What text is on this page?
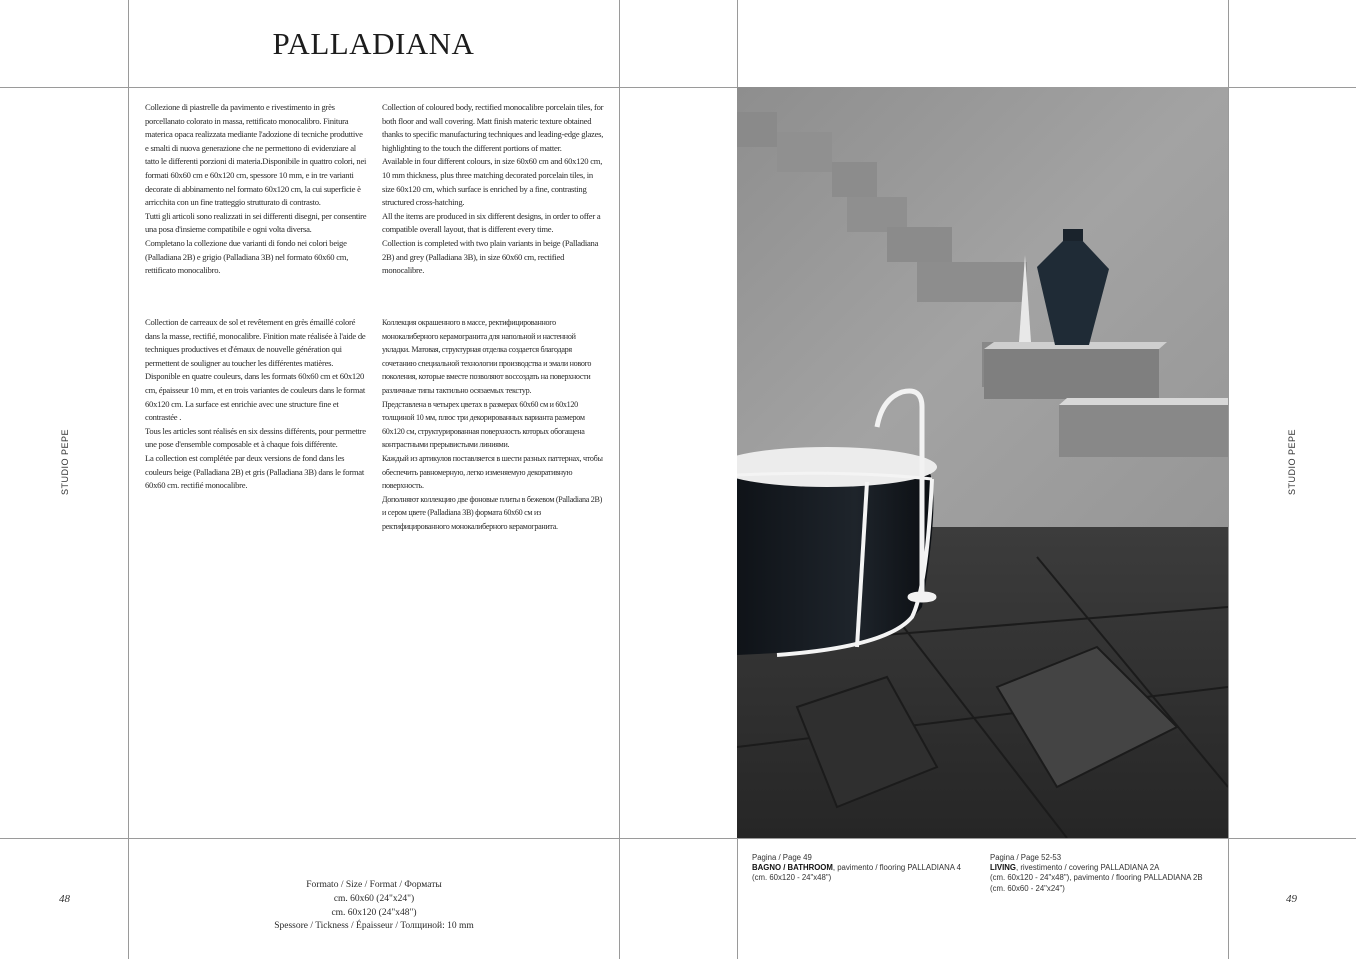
PALLADIANA

Collezione di piastrelle da pavimento e rivestimento in grès porcellanato colorato in massa, rettificato monocalibro. Finitura materica opaca realizzata mediante l'adozione di tecniche produttive e smalti di nuova generazione che ne permettono di evidenziare al tatto le differenti porzioni di materia.Disponibile in quattro colori, nei formati 60x60 cm e 60x120 cm, spessore 10 mm, e in tre varianti decorate di abbinamento nel formato 60x120 cm, la cui superficie è arricchita con un fine tratteggio strutturato di contrasto.

Tutti gli articoli sono realizzati in sei differenti disegni, per consentire una posa d'insieme compatibile e ogni volta diversa.

Completano la collezione due varianti di fondo nei colori beige (Palladiana 2B) e grigio (Palladiana 3B) nel formato 60x60 cm, rettificato monocalibro.

Collection of coloured body, rectified monocalibre porcelain tiles, for both floor and wall covering. Matt finish materic texture obtained thanks to specific manufacturing techniques and leading-edge glazes, highlighting to the touch the different portions of matter.

Available in four different colours, in size 60x60 cm and 60x120 cm, 10 mm thickness, plus three matching decorated porcelain tiles, in size 60x120 cm, which surface is enriched by a fine, contrasting structured cross-hatching.

All the items are produced in six different designs, in order to offer a compatible overall layout, that is different every time.

Collection is completed with two plain variants in beige (Palladiana 2B) and grey (Palladiana 3B), in size 60x60 cm, rectified monocalibre.

Collection de carreaux de sol et revêtement en grès émaillé coloré dans la masse, rectifié, monocalibre. Finition mate réalisée à l'aide de techniques productives et d'émaux de nouvelle génération qui permettent de souligner au toucher les différentes matières.

Disponible en quatre couleurs, dans les formats 60x60 cm et 60x120 cm, épaisseur 10 mm, et en trois variantes de couleurs dans le format 60x120 cm. La surface est enrichie avec une structure fine et contrastée .

Tous les articles sont réalisés en six dessins différents, pour permettre une pose d'ensemble composable et à chaque fois différente.

La collection est complétée par deux versions de fond dans les couleurs beige (Palladiana 2B) et gris (Palladiana 3B) dans le format 60x60 cm. rectifié monocalibre.

Коллекция окрашенного в массе, ректифицированного монокалиберного керамогранита для напольной и настенной укладки. Матовая, структурная отделка создается благодаря сочетанию специальной технологии производства и эмали нового поколения, которые вместе позволяют воссоздать на поверхности различные типы тактильно осязаемых текстур.

Представлена в четырех цветах в размерах 60x60 см и 60x120 толщиной 10 мм, плюс три декорированных варианта размером 60x120 см, структурированная поверхность которых обогащена контрастными прерывистыми линиями.

Каждый из артикулов поставляется в шести разных паттернах, чтобы обеспечить равномерную, легко изменяемую декоративную поверхность.

Дополняют коллекцию две фоновые плиты в бежевом (Palladiana 2B) и сером цвете (Palladiana 3B) формата 60x60 см из ректифицированного монокалиберного керамогранита.

STUDIO PEPE
48
Formato / Size / Format / Форматы
cm. 60x60 (24"x24")
cm. 60x120 (24"x48")
Spessore / Tickness / Épaisseur / Толщиной: 10 mm
Pagina / Page 49
BAGNO / BATHROOM, pavimento / flooring PALLADIANA 4
(cm. 60x120 - 24"x48")
Pagina / Page 52-53
LIVING, rivestimento / covering PALLADIANA 2A
(cm. 60x120 - 24"x48"), pavimento / flooring PALLADIANA 2B
(cm. 60x60 - 24"x24")
STUDIO PEPE
49
